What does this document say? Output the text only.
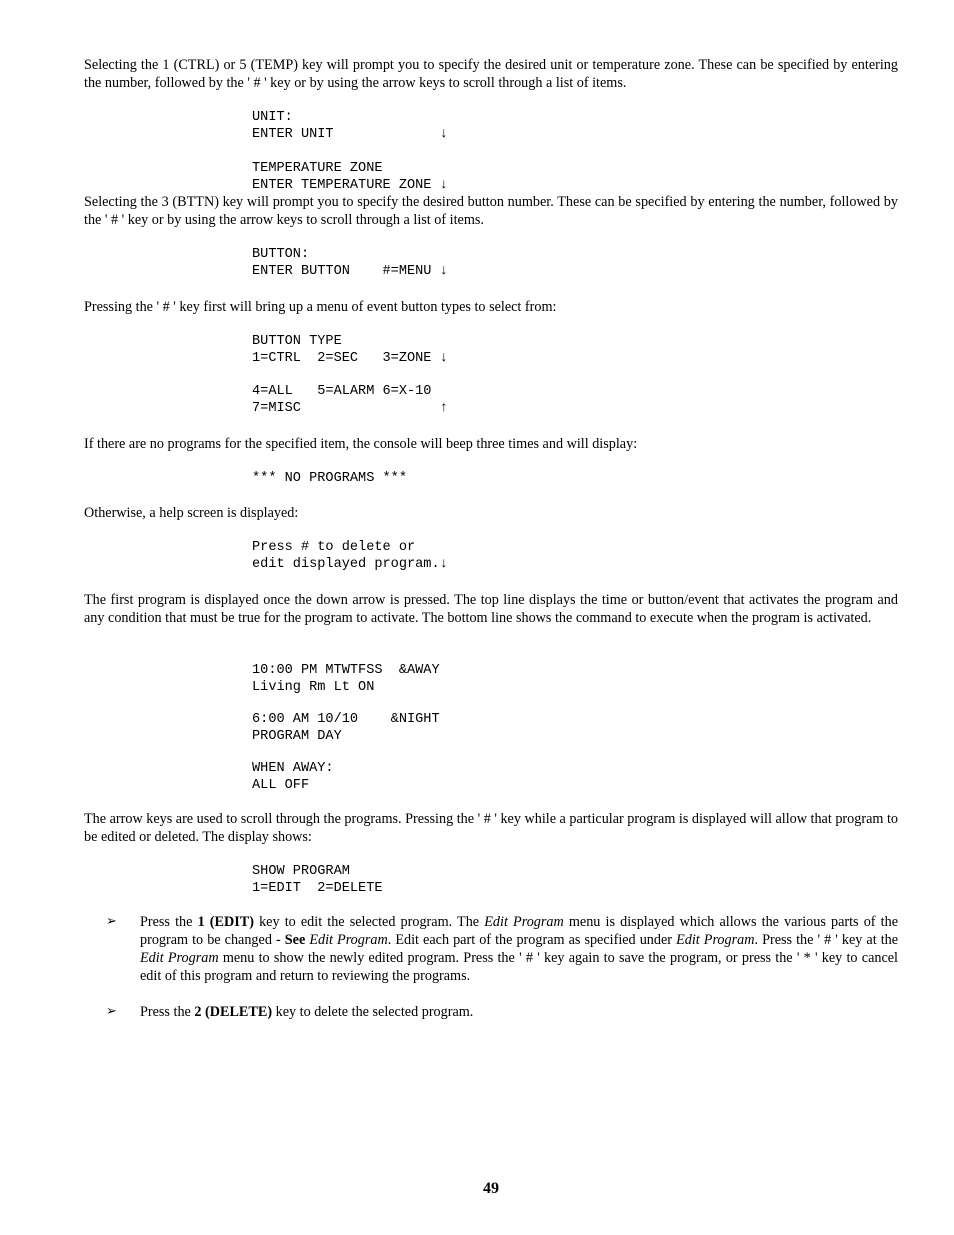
Selecting the 1 (CTRL) or 5 (TEMP) key will prompt you to specify the desired unit or temperature zone. These can be specified by entering the number, followed by the ' # ' key or by using the arrow keys to scroll through a list of items.

UNIT:
ENTER UNIT             ↓
TEMPERATURE ZONE
ENTER TEMPERATURE ZONE ↓

Selecting the 3 (BTTN) key will prompt you to specify the desired button number. These can be specified by entering the number, followed by the ' # ' key or by using the arrow keys to scroll through a list of items.

BUTTON:
ENTER BUTTON    #=MENU ↓

Pressing the ' # ' key first will bring up a menu of event button types to select from:

BUTTON TYPE
1=CTRL  2=SEC   3=ZONE ↓
4=ALL   5=ALARM 6=X-10
7=MISC                 ↑

If there are no programs for the specified item, the console will beep three times and will display:

*** NO PROGRAMS ***

Otherwise, a help screen is displayed:

Press # to delete or
edit displayed program.↓

The first program is displayed once the down arrow is pressed. The top line displays the time or button/event that activates the program and any condition that must be true for the program to activate. The bottom line shows the command to execute when the program is activated.

10:00 PM MTWTFSS  &AWAY
Living Rm Lt ON
6:00 AM 10/10    &NIGHT
PROGRAM DAY
WHEN AWAY:
ALL OFF

The arrow keys are used to scroll through the programs. Pressing the ' # ' key while a particular program is displayed will allow that program to be edited or deleted. The display shows:

SHOW PROGRAM
1=EDIT  2=DELETE
➢ Press the 1 (EDIT) key to edit the selected program. The Edit Program menu is displayed which allows the various parts of the program to be changed - See Edit Program. Edit each part of the program as specified under Edit Program. Press the ' # ' key at the Edit Program menu to show the newly edited program. Press the ' # ' key again to save the program, or press the ' * ' key to cancel edit of this program and return to reviewing the programs.

➢ Press the 2 (DELETE) key to delete the selected program.

49
